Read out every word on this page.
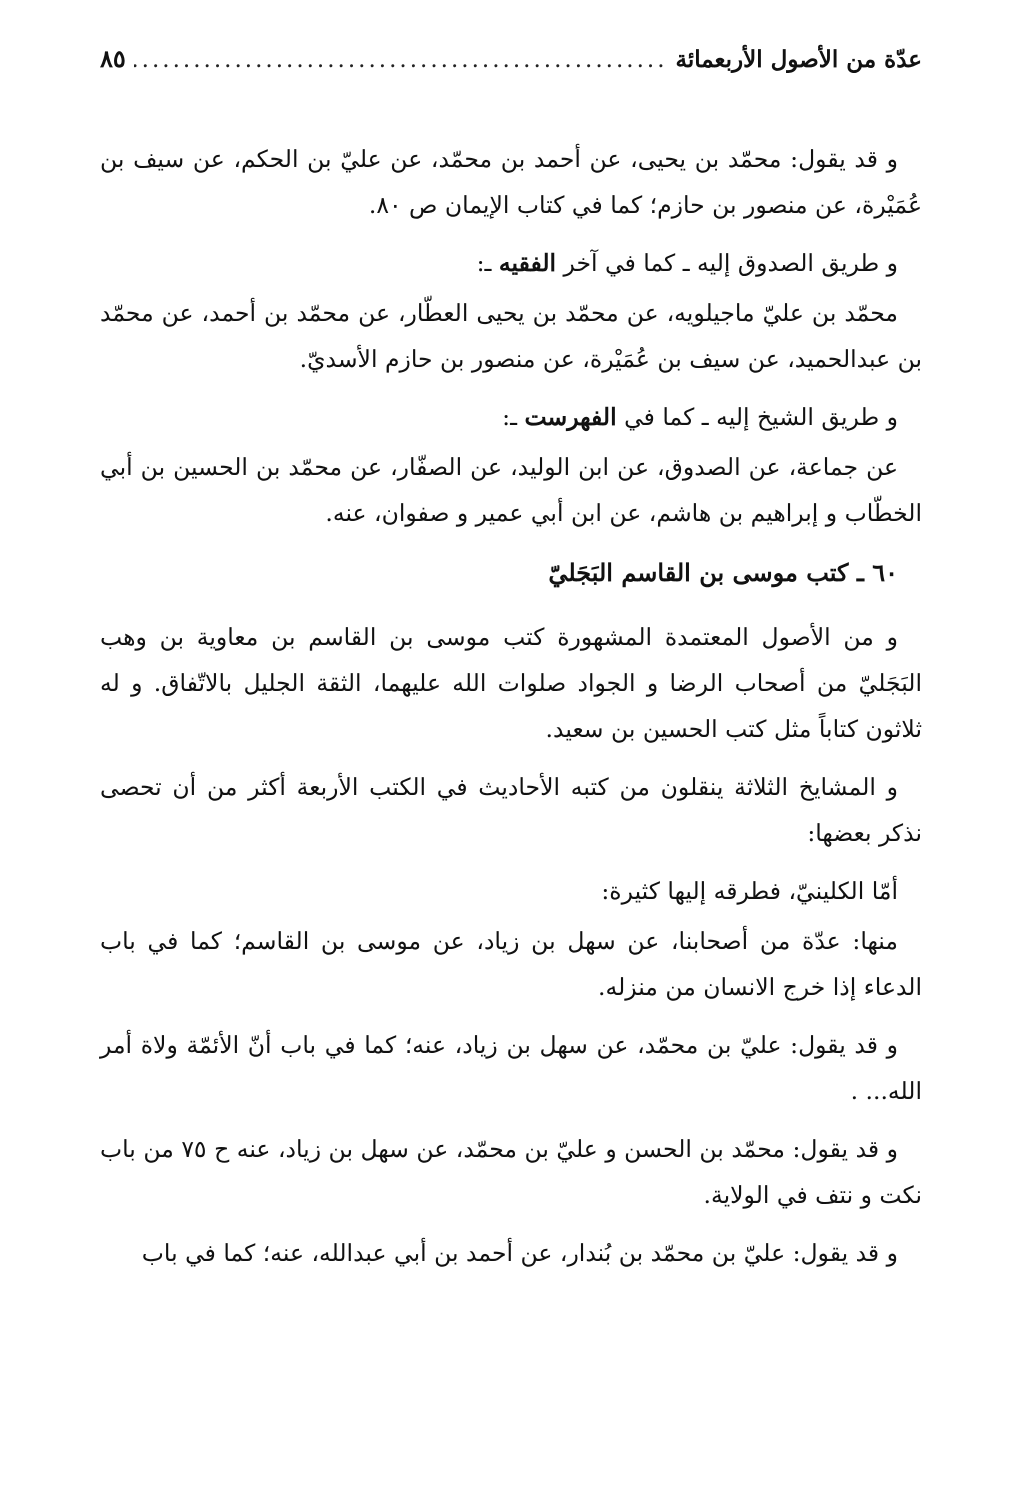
عدّة من الأصول الأربعمائة
.....
٨٥

و قد يقول: محمّد بن يحيى، عن أحمد بن محمّد، عن عليّ بن الحكم، عن سيف بن عُمَيْرة، عن منصور بن حازم؛ كما في كتاب الإيمان ص ٨٠.

و طريق الصدوق إليه ـ كما في آخر الفقيه ـ:

محمّد بن عليّ ماجيلويه، عن محمّد بن يحيى العطّار، عن محمّد بن أحمد، عن محمّد بن عبدالحميد، عن سيف بن عُمَيْرة، عن منصور بن حازم الأسديّ.

و طريق الشيخ إليه ـ كما في الفهرست ـ:

عن جماعة، عن الصدوق، عن ابن الوليد، عن الصفّار، عن محمّد بن الحسين بن أبي الخطّاب و إبراهيم بن هاشم، عن ابن أبي عمير و صفوان، عنه.

٦٠ ـ كتب موسى بن القاسم البَجَليّ

و من الأصول المعتمدة المشهورة كتب موسى بن القاسم بن معاوية بن وهب البَجَليّ من أصحاب الرضا و الجواد صلوات الله عليهما، الثقة الجليل بالاتّفاق. و له ثلاثون كتاباً مثل كتب الحسين بن سعيد.

و المشايخ الثلاثة ينقلون من كتبه الأحاديث في الكتب الأربعة أكثر من أن تحصى نذكر بعضها:

أمّا الكلينيّ، فطرقه إليها كثيرة:

منها: عدّة من أصحابنا، عن سهل بن زياد، عن موسى بن القاسم؛ كما في باب الدعاء إذا خرج الانسان من منزله.

و قد يقول: عليّ بن محمّد، عن سهل بن زياد، عنه؛ كما في باب أنّ الأئمّة ولاة أمر الله... .

و قد يقول: محمّد بن الحسن و عليّ بن محمّد، عن سهل بن زياد، عنه ح ٧٥ من باب نكت و نتف في الولاية.

و قد يقول: عليّ بن محمّد بن بُندار، عن أحمد بن أبي عبدالله، عنه؛ كما في باب
